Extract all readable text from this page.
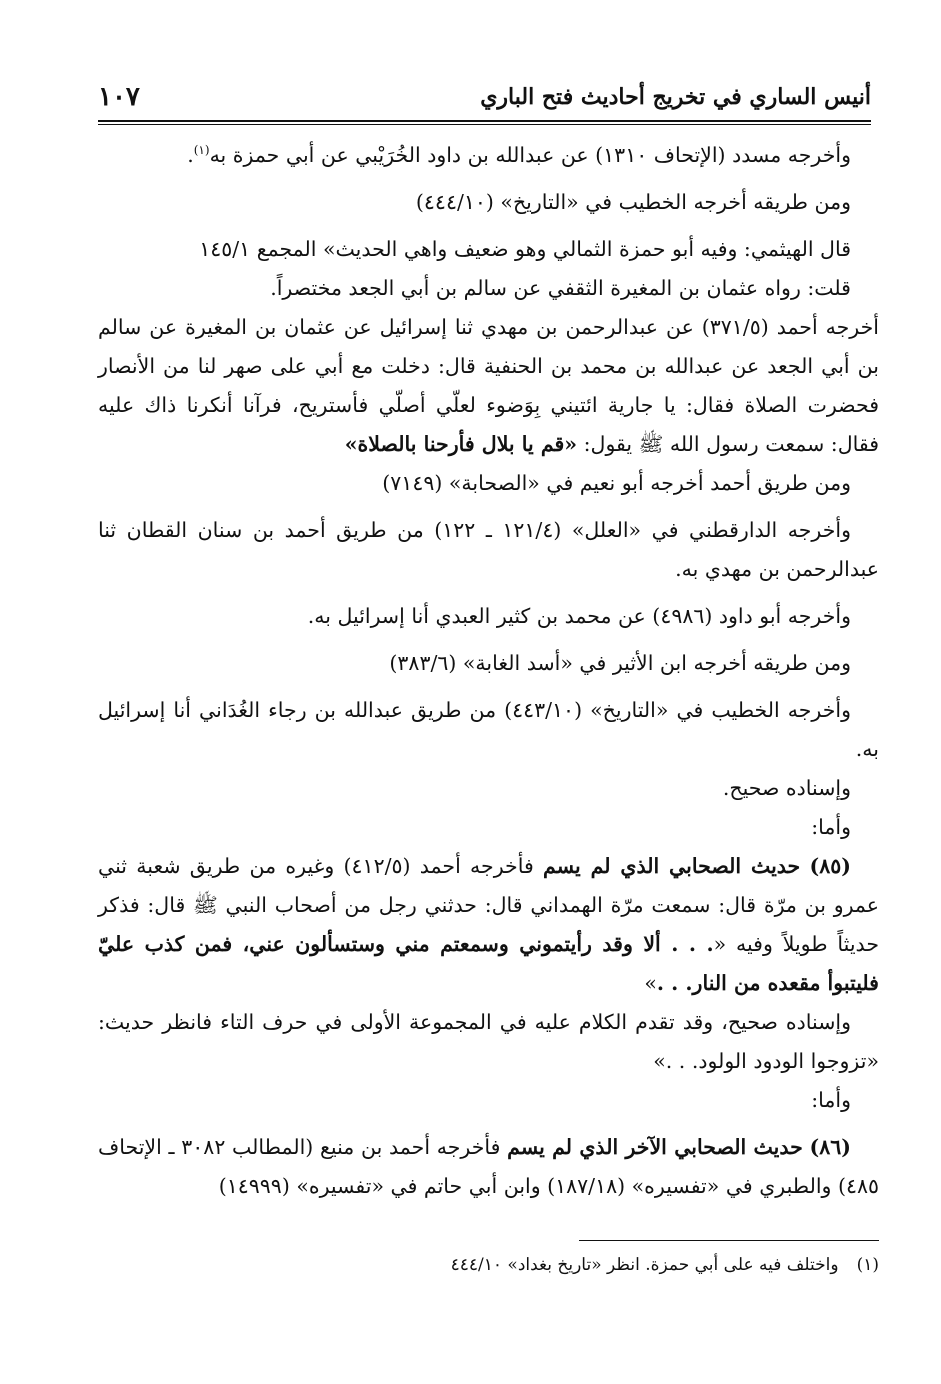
أنيس الساري في تخريج أحاديث فتح الباري
١٠٧

وأخرجه مسدد (الإتحاف ١٣١٠) عن عبدالله بن داود الخُرَيْبي عن أبي حمزة به$^{(١)}$.

ومن طريقه أخرجه الخطيب في «التاريخ» (٤٤٤/١٠)

قال الهيثمي: وفيه أبو حمزة الثمالي وهو ضعيف واهي الحديث» المجمع ١٤٥/١

قلت: رواه عثمان بن المغيرة الثقفي عن سالم بن أبي الجعد مختصراً.

أخرجه أحمد (٣٧١/٥) عن عبدالرحمن بن مهدي ثنا إسرائيل عن عثمان بن المغيرة عن سالم بن أبي الجعد عن عبدالله بن محمد بن الحنفية قال: دخلت مع أبي على صهر لنا من الأنصار فحضرت الصلاة فقال: يا جارية ائتيني بِوَضوء لعلّي أصلّي فأستريح، فرآنا أنكرنا ذاك عليه فقال: سمعت رسول الله ﷺ يقول: «قم يا بلال فأرحنا بالصلاة»

ومن طريق أحمد أخرجه أبو نعيم في «الصحابة» (٧١٤٩)

وأخرجه الدارقطني في «العلل» (١٢١/٤ ـ ١٢٢) من طريق أحمد بن سنان القطان ثنا عبدالرحمن بن مهدي به.

وأخرجه أبو داود (٤٩٨٦) عن محمد بن كثير العبدي أنا إسرائيل به.

ومن طريقه أخرجه ابن الأثير في «أسد الغابة» (٣٨٣/٦)

وأخرجه الخطيب في «التاريخ» (٤٤٣/١٠) من طريق عبدالله بن رجاء الغُدَاني أنا إسرائيل به.

وإسناده صحيح.

وأما:

(٨٥) حديث الصحابي الذي لم يسم فأخرجه أحمد (٤١٢/٥) وغيره من طريق شعبة ثني عمرو بن مرّة قال: سمعت مرّة الهمداني قال: حدثني رجل من أصحاب النبي ﷺ قال: فذكر حديثاً طويلاً وفيه «. . . ألا وقد رأيتموني وسمعتم مني وستسألون عني، فمن كذب عليّ فليتبوأ مقعده من النار. . .»

وإسناده صحيح، وقد تقدم الكلام عليه في المجموعة الأولى في حرف التاء فانظر حديث: «تزوجوا الودود الولود. . .»

وأما:

(٨٦) حديث الصحابي الآخر الذي لم يسم فأخرجه أحمد بن منيع (المطالب ٣٠٨٢ ـ الإتحاف ٤٨٥) والطبري في «تفسيره» (١٨٧/١٨) وابن أبي حاتم في «تفسيره» (١٤٩٩٩)

(١)واختلف فيه على أبي حمزة. انظر «تاريخ بغداد» ٤٤٤/١٠
